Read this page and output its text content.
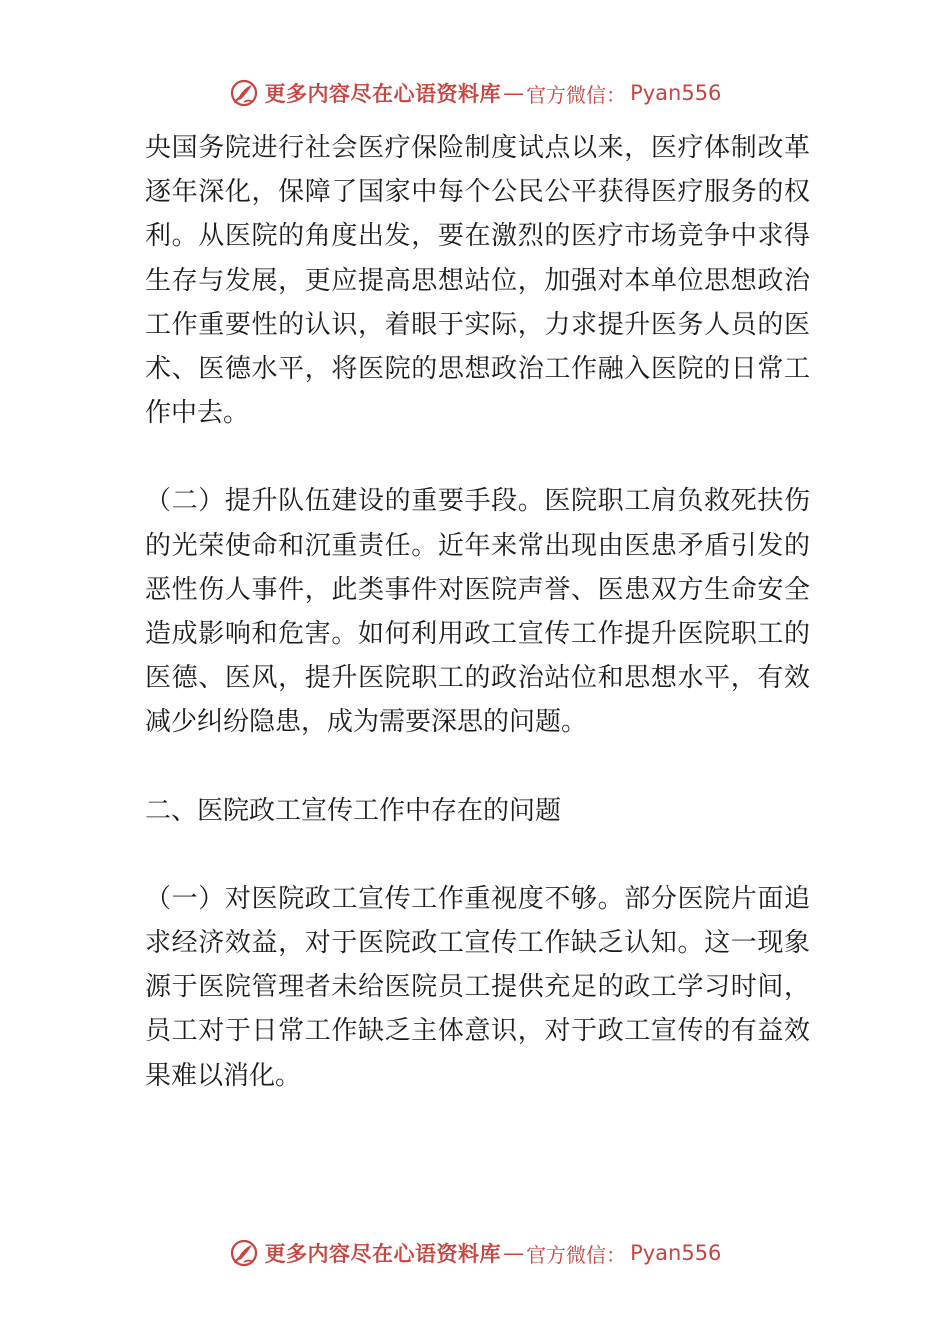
更多内容尽在心语资料库 — 官方微信： Pyan556

央国务院进行社会医疗保险制度试点以来，医疗体制改革逐年深化，保障了国家中每个公民公平获得医疗服务的权利。从医院的角度出发，要在激烈的医疗市场竞争中求得生存与发展，更应提高思想站位，加强对本单位思想政治工作重要性的认识，着眼于实际，力求提升医务人员的医术、医德水平，将医院的思想政治工作融入医院的日常工作中去。

（二）提升队伍建设的重要手段。医院职工肩负救死扶伤的光荣使命和沉重责任。近年来常出现由医患矛盾引发的恶性伤人事件，此类事件对医院声誉、医患双方生命安全造成影响和危害。如何利用政工宣传工作提升医院职工的医德、医风，提升医院职工的政治站位和思想水平，有效减少纠纷隐患，成为需要深思的问题。

二、医院政工宣传工作中存在的问题

（一）对医院政工宣传工作重视度不够。部分医院片面追求经济效益，对于医院政工宣传工作缺乏认知。这一现象源于医院管理者未给医院员工提供充足的政工学习时间，员工对于日常工作缺乏主体意识，对于政工宣传的有益效果难以消化。

更多内容尽在心语资料库 — 官方微信： Pyan556
